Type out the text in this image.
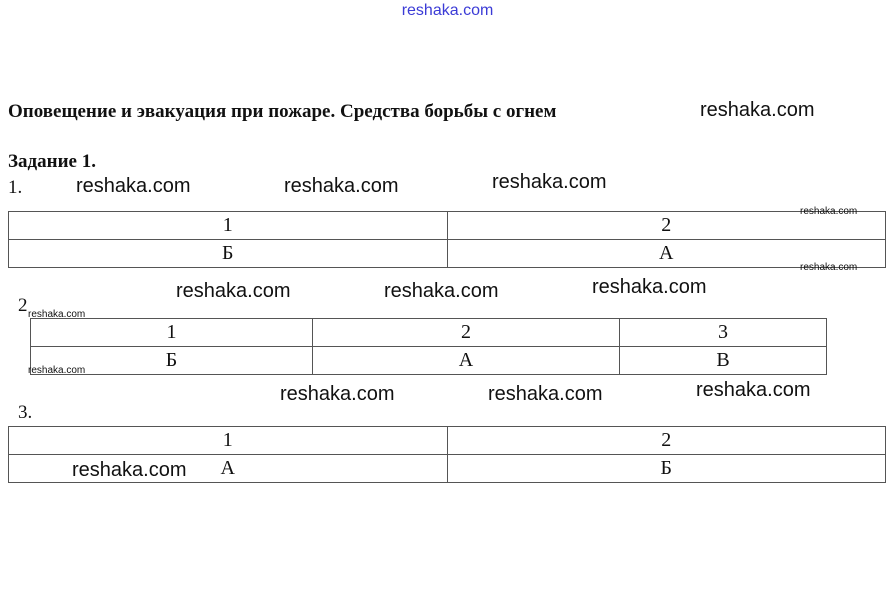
reshaka.com
Оповещение и эвакуация при пожаре. Средства борьбы с огнем	reshaka.com
Задание 1.
1.	reshaka.com	reshaka.com	reshaka.com
1	2
Б	А
reshaka.com
reshaka.com
2 reshaka.com
reshaka.com	reshaka.com	reshaka.com
1	2	3
Б	А	В
reshaka.com
3.
reshaka.com	reshaka.com	reshaka.com
1	2
А	Б
reshaka.com
